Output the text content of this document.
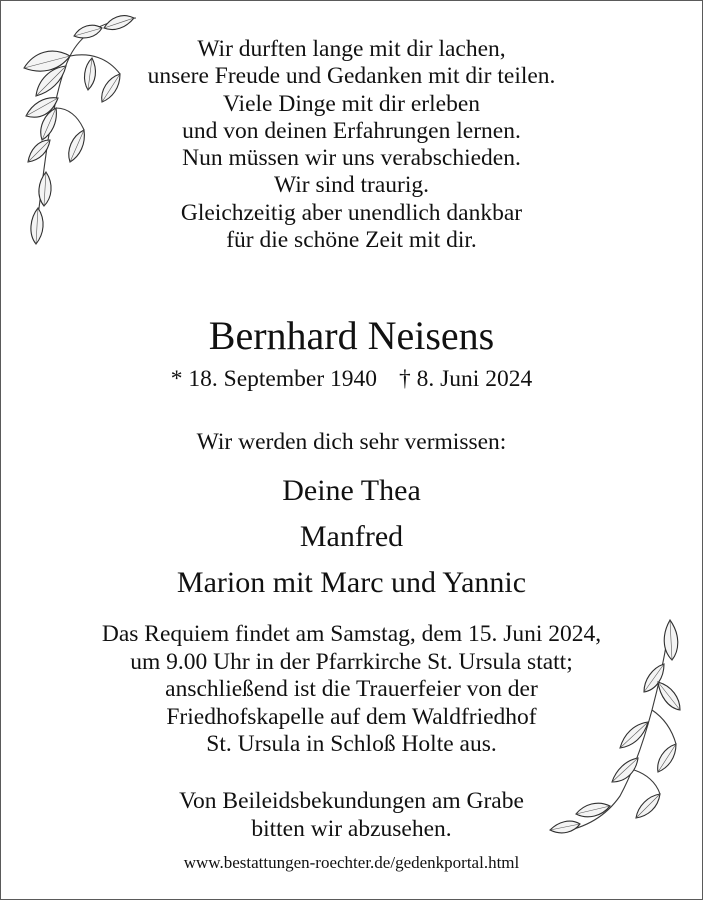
Wir durften lange mit dir lachen,
unsere Freude und Gedanken mit dir teilen.
Viele Dinge mit dir erleben
und von deinen Erfahrungen lernen.
Nun müssen wir uns verabschieden.
Wir sind traurig.
Gleichzeitig aber unendlich dankbar
für die schöne Zeit mit dir.
Bernhard Neisens
* 18. September 1940 † 8. Juni 2024
Wir werden dich sehr vermissen:
Deine Thea
Manfred
Marion mit Marc und Yannic
Das Requiem findet am Samstag, dem 15. Juni 2024,
um 9.00 Uhr in der Pfarrkirche St. Ursula statt;
anschließend ist die Trauerfeier von der
Friedhofskapelle auf dem Waldfriedhof
St. Ursula in Schloß Holte aus.
Von Beileidsbekundungen am Grabe
bitten wir abzusehen.
www.bestattungen-roechter.de/gedenkportal.html
